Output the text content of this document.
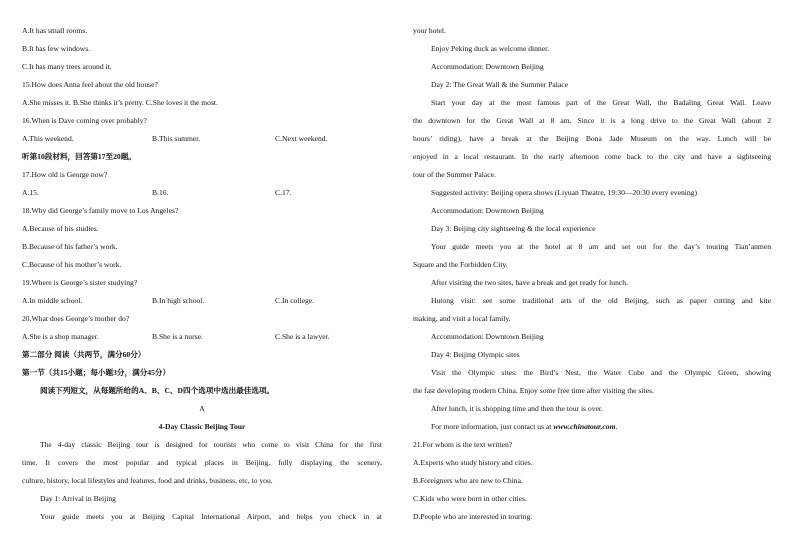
A.It has small rooms.
B.It has few windows.
C.It has many trees around it.
15.How does Anna feel about the old house?
A.She misses it. B.She thinks it’s pretty. C.She loves it the most.
16.When is Dave coming over probably?
A.This weekend.	B.This summer.	C.Next weekend.
听第10段材料，回答第17至20题。
17.How old is George now?
A.15.	B.16.	C.17.
18.Why did George’s family move to Los Angeles?
A.Because of his studies.
B.Because of his father’s work.
C.Because of his mother’s work.
19.Where is George’s sister studying?
A.In middle school.	B.In high school.	C.In college.
20.What does George’s mother do?
A.She is a shop manager.	B.She is a nurse.	C.She is a lawyer.
第二部分 阅读（共两节，满分60分）
第一节（共15小题；每小题3分，满分45分）
阅读下列短文，从每题所给的A、B、C、D四个选项中选出最佳选项。
A
4-Day Classic Beijing Tour
The 4-day classic Beijing tour is designed for tourists who come to visit China for the first
time. It covers the most popular and typical places in Beijing, fully displaying the scenery,
culture, history, local lifestyles and features, food and drinks, business, etc, to you.
Day 1: Arrival in Beijing
Your guide meets you at Beijing Capital International Airport, and helps you check in at
your hotel.
Enjoy Peking duck as welcome dinner.
Accommodation: Downtown Beijing
Day 2: The Great Wall & the Summer Palace
Start your day at the most famous part of the Great Wall, the Badaling Great Wall. Leave
the downtown for the Great Wall at 8 am. Since it is a long drive to the Great Wall (about 2
hours’ riding), have a break at the Beijing Bona Jade Museum on the way. Lunch will be
enjoyed in a local restaurant. In the early afternoon come back to the city and have a sightseeing
tour of the Summer Palace.
Suggested activity: Beijing opera shows (Liyuan Theatre, 19:30—20:30 every evening)
Accommodation: Downtown Beijing
Day 3: Beijing city sightseeing & the local experience
Your guide meets you at the hotel at 8 am and set out for the day’s touring Tian’anmen
Square and the Forbidden City.
After visiting the two sites, have a break and get ready for lunch.
Hutong visit: see some traditional arts of the old Beijing, such as paper cutting and kite
making, and visit a local family.
Accommodation: Downtown Beijing
Day 4: Beijing Olympic sites
Visit the Olympic sites: the Bird’s Nest, the Water Cube and the Olympic Green, showing
the fast developing modern China. Enjoy some free time after visiting the sites.
After lunch, it is shopping time and then the tour is over.
For more information, just contact us at www.chinatour.com.
21.For whom is the text written?
A.Experts who study history and cities.
B.Foreigners who are new to China.
C.Kids who were born in other cities.
D.People who are interested in touring.
